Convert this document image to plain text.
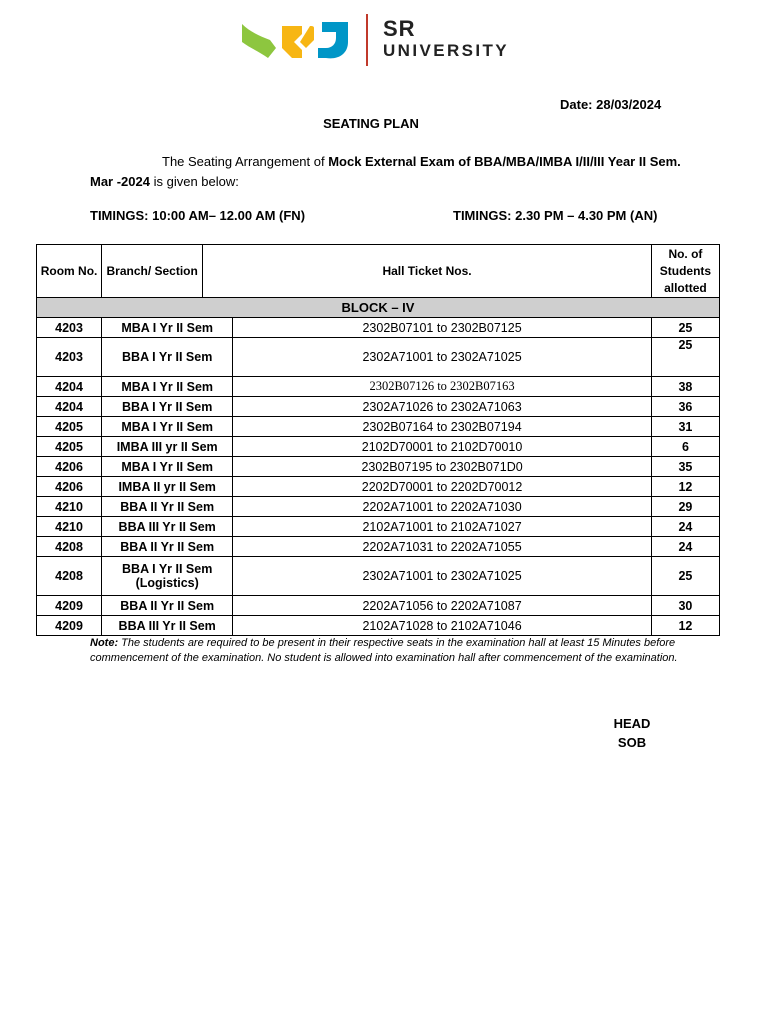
SR
UNIVERSITY
Date: 28/03/2024
SEATING PLAN
The Seating Arrangement of Mock External Exam of BBA/MBA/IMBA I/II/III Year II Sem. Mar -2024 is given below:
TIMINGS: 10:00 AM– 12.00 AM (FN)	TIMINGS: 2.30 PM – 4.30 PM (AN)
Room No.	Branch/ Section	Hall Ticket Nos.		No. of Students allotted
BLOCK – IV				
4203	MBA I Yr II Sem		2302B07101 to 2302B07125	25
4203	BBA I Yr II Sem		2302A71001 to 2302A71025	25
4204	MBA I Yr II Sem		2302B07126 to 2302B07163	38
4204	BBA I Yr II Sem		2302A71026 to 2302A71063	36
4205	MBA I Yr II Sem		2302B07164 to 2302B07194	31
4205	IMBA III yr II Sem		2102D70001 to 2102D70010	6
4206	MBA I Yr II Sem		2302B07195 to 2302B071D0	35
4206	IMBA II yr II Sem		2202D70001 to 2202D70012	12
4210	BBA II Yr II Sem		2202A71001 to 2202A71030	29
4210	BBA III Yr II Sem		2102A71001 to 2102A71027	24
4208	BBA II Yr II Sem		2202A71031 to 2202A71055	24
4208	BBA I Yr II Sem (Logistics)		2302A71001 to 2302A71025	25
4209	BBA II Yr II Sem		2202A71056 to 2202A71087	30
4209	BBA III Yr II Sem		2102A71028 to 2102A71046	12
Note: The students are required to be present in their respective seats in the examination hall at least 15 Minutes before commencement of the examination. No student is allowed into examination hall after commencement of the examination.
HEAD
SOB
